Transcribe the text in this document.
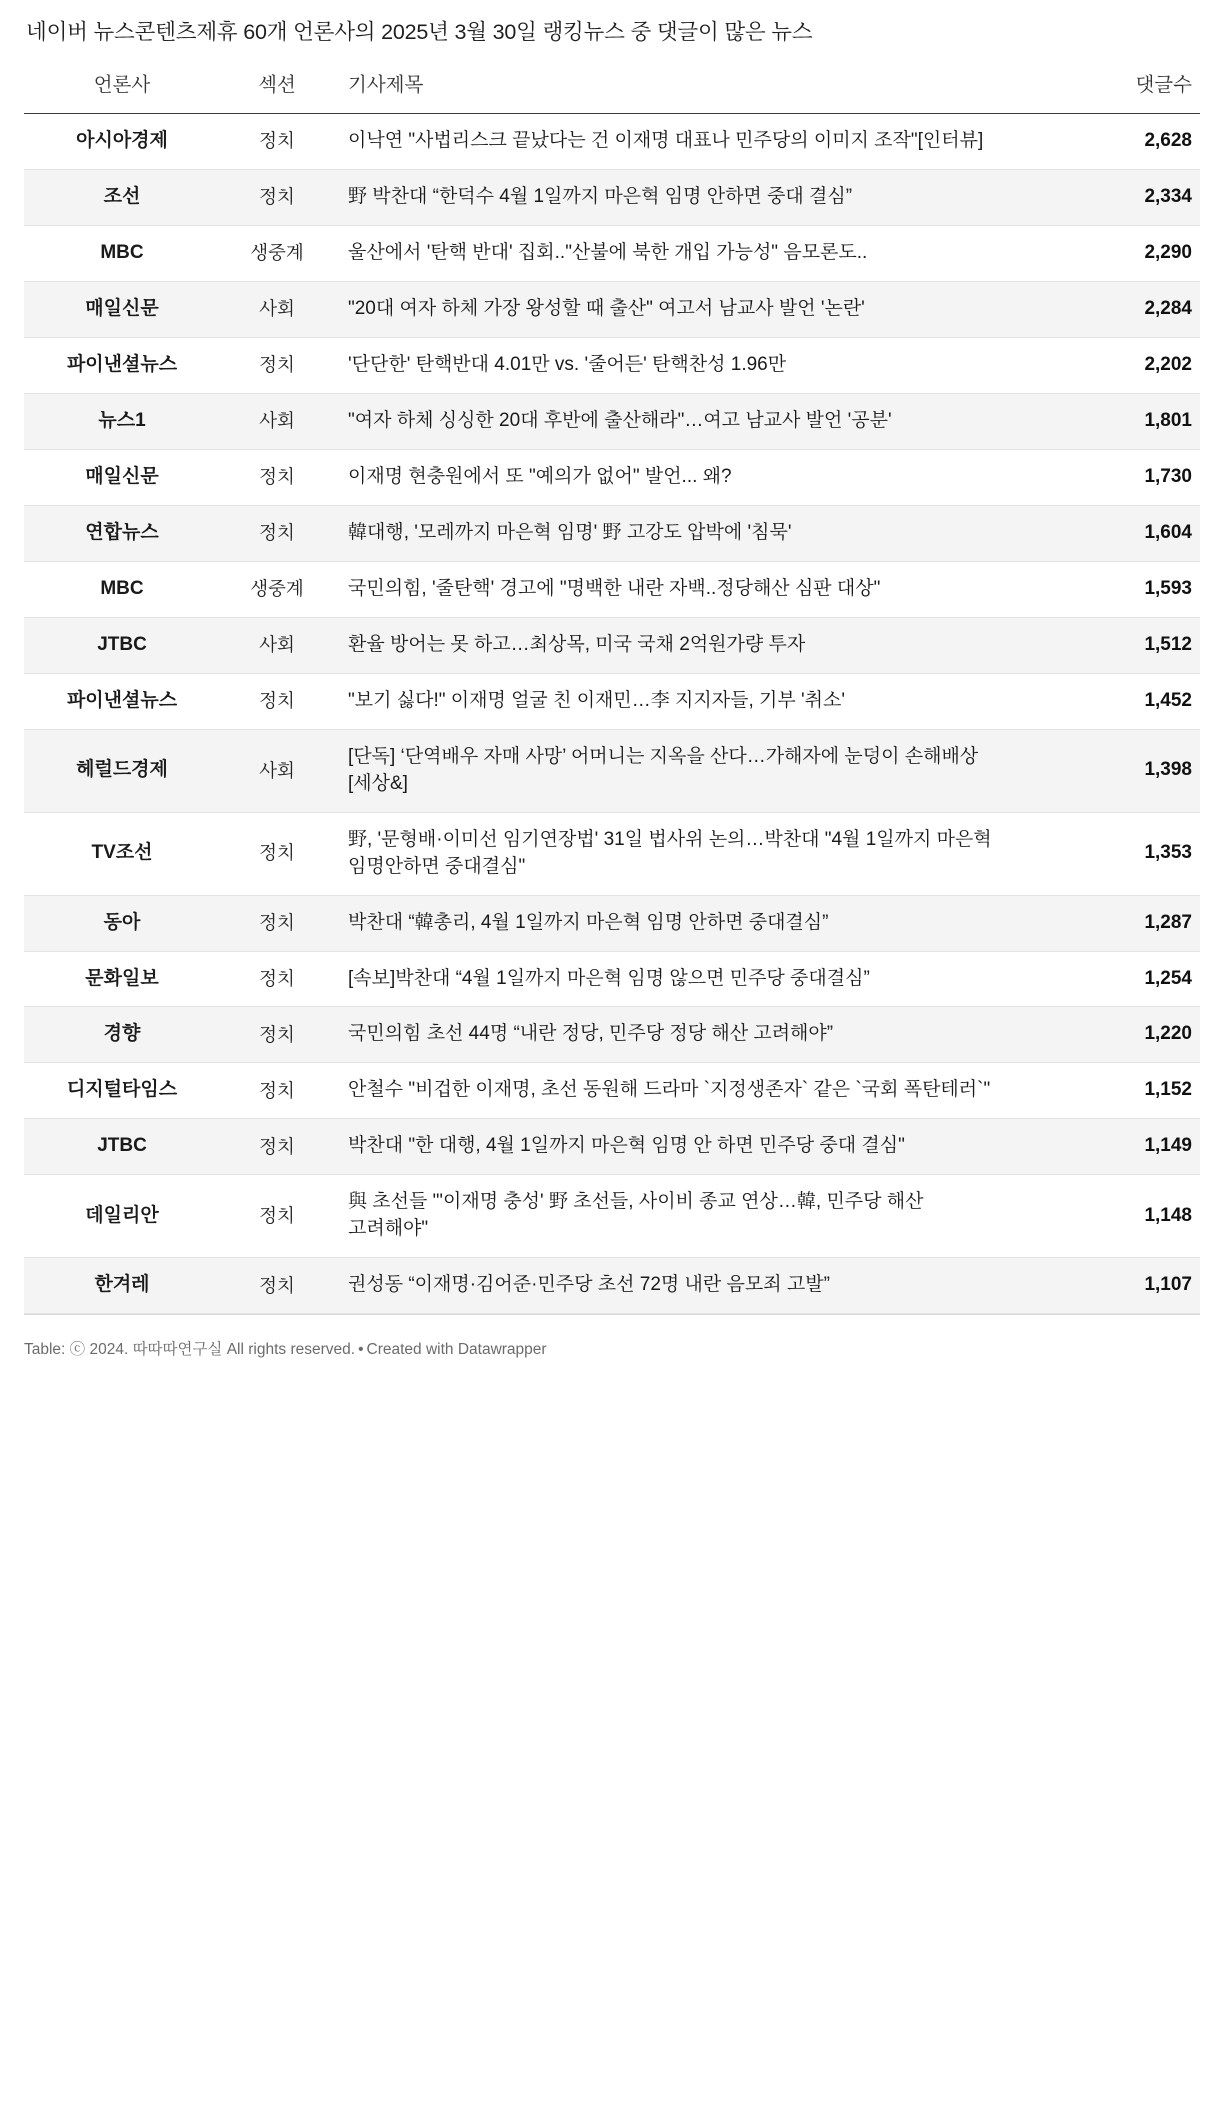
네이버 뉴스콘텐츠제휴 60개 언론사의 2025년 3월 30일 랭킹뉴스 중 댓글이 많은 뉴스
언론사	섹션	기사제목	댓글수
아시아경제	정치	이낙연 "사법리스크 끝났다는 건 이재명 대표나 민주당의 이미지 조작"[인터뷰]	2,628
조선	정치	野 박찬대 “한덕수 4월 1일까지 마은혁 임명 안하면 중대 결심”	2,334
MBC	생중계	울산에서 '탄핵 반대' 집회.."산불에 북한 개입 가능성" 음모론도..	2,290
매일신문	사회	"20대 여자 하체 가장 왕성할 때 출산" 여고서 남교사 발언 '논란'	2,284
파이낸셜뉴스	정치	'단단한' 탄핵반대 4.01만 vs. '줄어든' 탄핵찬성 1.96만	2,202
뉴스1	사회	"여자 하체 싱싱한 20대 후반에 출산해라"…여고 남교사 발언 '공분'	1,801
매일신문	정치	이재명 현충원에서 또 "예의가 없어" 발언... 왜?	1,730
연합뉴스	정치	韓대행, '모레까지 마은혁 임명' 野 고강도 압박에 '침묵'	1,604
MBC	생중계	국민의힘, '줄탄핵' 경고에 "명백한 내란 자백..정당해산 심판 대상"	1,593
JTBC	사회	환율 방어는 못 하고…최상목, 미국 국채 2억원가량 투자	1,512
파이낸셜뉴스	정치	"보기 싫다!" 이재명 얼굴 친 이재민…李 지지자들, 기부 '취소'	1,452
헤럴드경제	사회	[단독] ‘단역배우 자매 사망’ 어머니는 지옥을 산다…가해자에 눈덩이 손해배상 [세상&]	1,398
TV조선	정치	野, '문형배·이미선 임기연장법' 31일 법사위 논의…박찬대 "4월 1일까지 마은혁 임명안하면 중대결심"	1,353
동아	정치	박찬대 “韓총리, 4월 1일까지 마은혁 임명 안하면 중대결심”	1,287
문화일보	정치	[속보]박찬대 “4월 1일까지 마은혁 임명 않으면 민주당 중대결심”	1,254
경향	정치	국민의힘 초선 44명 “내란 정당, 민주당 정당 해산 고려해야”	1,220
디지털타임스	정치	안철수 "비겁한 이재명, 초선 동원해 드라마 `지정생존자` 같은 `국회 폭탄테러`"	1,152
JTBC	정치	박찬대 "한 대행, 4월 1일까지 마은혁 임명 안 하면 민주당 중대 결심"	1,149
데일리안	정치	與 초선들 "'이재명 충성' 野 초선들, 사이비 종교 연상…韓, 민주당 해산 고려해야"	1,148
한겨레	정치	권성동 “이재명·김어준·민주당 초선 72명 내란 음모죄 고발”	1,107
Table: ⓒ 2024. 따따따연구실 All rights reserved. • Created with Datawrapper
